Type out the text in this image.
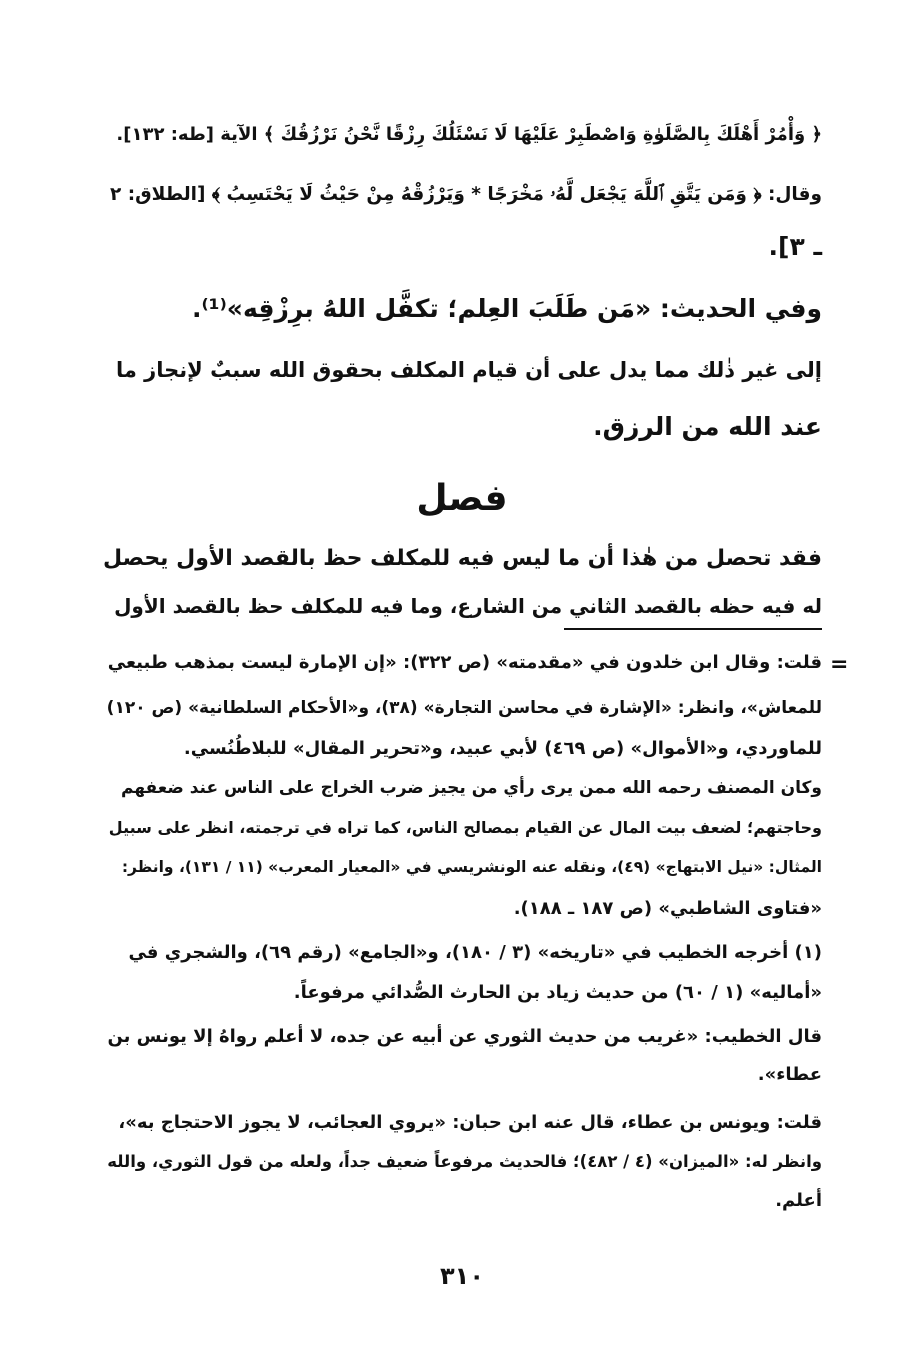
﴿ وَأْمُرْ أَهْلَكَ بِالصَّلَوٰةِ وَاصْطَبِرْ عَلَيْهَا لَا نَسْئَلُكَ رِزْقًا نَّحْنُ نَرْزُقُكَ ﴾ الآية [طه: ١٣٢].
وقال: ﴿ وَمَن يَتَّقِ ٱللَّهَ يَجْعَل لَّهُۥ مَخْرَجًا * وَيَرْزُقْهُ مِنْ حَيْثُ لَا يَحْتَسِبُ ﴾ [الطلاق: ٢
ـ ٣].
وفي الحديث: «مَن طَلَبَ العِلم؛ تكفَّل اللهُ برِزْقِه»⁽¹⁾.
إلى غير ذٰلك مما يدل على أن قيام المكلف بحقوق الله سببٌ لإنجاز ما
عند الله من الرزق.
فصل
فقد تحصل من هٰذا أن ما ليس فيه للمكلف حظ بالقصد الأول يحصل
له فيه حظه بالقصد الثاني من الشارع، وما فيه للمكلف حظ بالقصد الأول
=
قلت: وقال ابن خلدون في «مقدمته» (ص ٣٢٢): «إن الإمارة ليست بمذهب طبيعي
للمعاش»، وانظر: «الإشارة في محاسن التجارة» (٣٨)، و«الأحكام السلطانية» (ص ١٢٠)
للماوردي، و«الأموال» (ص ٤٦٩) لأبي عبيد، و«تحرير المقال» للبلاطُنُسي.
وكان المصنف رحمه الله ممن يرى رأي من يجيز ضرب الخراج على الناس عند ضعفهم
وحاجتهم؛ لضعف بيت المال عن القيام بمصالح الناس، كما تراه في ترجمته، انظر على سبيل
المثال: «نيل الابتهاج» (٤٩)، ونقله عنه الونشريسي في «المعيار المعرب» (١١ / ١٣١)، وانظر:
«فتاوى الشاطبي» (ص ١٨٧ ـ ١٨٨).
(١) أخرجه الخطيب في «تاريخه» (٣ / ١٨٠)، و«الجامع» (رقم ٦٩)، والشجري في
«أماليه» (١ / ٦٠) من حديث زياد بن الحارث الصُّدائي مرفوعاً.
قال الخطيب: «غريب من حديث الثوري عن أبيه عن جده، لا أعلم رواهُ إلا يونس بن
عطاء».
قلت: ويونس بن عطاء، قال عنه ابن حبان: «يروي العجائب، لا يجوز الاحتجاج به»،
وانظر له: «الميزان» (٤ / ٤٨٢)؛ فالحديث مرفوعاً ضعيف جداً، ولعله من قول الثوري، والله
أعلم.
٣١٠
